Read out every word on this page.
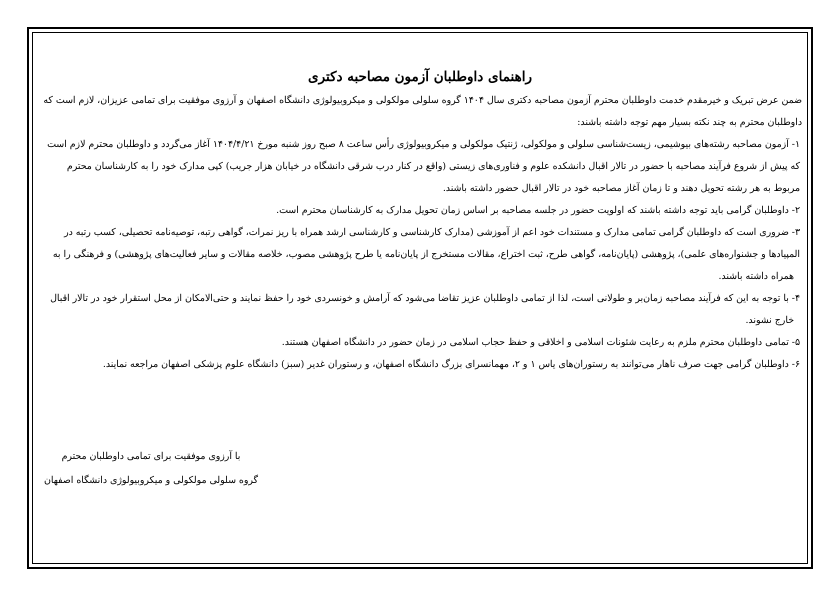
راهنمای داوطلبان آزمون مصاحبه دکتری
ضمن عرض تبریک و خیرمقدم خدمت داوطلبان محترم آزمون مصاحبه دکتری سال ۱۴۰۴ گروه سلولی مولکولی و میکروبیولوژی دانشگاه اصفهان و آرزوی موفقیت برای تمامی عزیزان، لازم است که
داوطلبان محترم به چند نکته بسیار مهم توجه داشته باشند:
۱- آزمون مصاحبه رشته‌های بیوشیمی، زیست‌شناسی سلولی و مولکولی، ژنتیک مولکولی و میکروبیولوژی رأس ساعت ۸ صبح روز شنبه مورخ ۱۴۰۴/۴/۲۱ آغاز می‌گردد و داوطلبان محترم لازم است
که پیش از شروع فرآیند مصاحبه با حضور در تالار اقبال دانشکده علوم و فناوری‌های زیستی (واقع در کنار درب شرقی دانشگاه در خیابان هزار جریب) کپی مدارک خود را به کارشناسان محترم
مربوط به هر رشته تحویل دهند و تا زمان آغاز مصاحبه خود در تالار اقبال حضور داشته باشند.
۲- داوطلبان گرامی باید توجه داشته باشند که اولویت حضور در جلسه مصاحبه بر اساس زمان تحویل مدارک به کارشناسان محترم است.
۳- ضروری است که داوطلبان گرامی تمامی مدارک و مستندات خود اعم از آموزشی (مدارک کارشناسی و کارشناسی ارشد همراه با ریز نمرات، گواهی رتبه، توصیه‌نامه تحصیلی، کسب رتبه در
المپیادها و جشنواره‌های علمی)، پژوهشی (پایان‌نامه، گواهی طرح، ثبت اختراع، مقالات مستخرج از پایان‌نامه یا طرح پژوهشی مصوب، خلاصه مقالات و سایر فعالیت‌های پژوهشی) و فرهنگی را به
همراه داشته باشند.
۴- با توجه به این که فرآیند مصاحبه زمان‌بر و طولانی است، لذا از تمامی داوطلبان عزیز تقاضا می‌شود که آرامش و خونسردی خود را حفظ نمایند و حتی‌الامکان از محل استقرار خود در تالار اقبال
خارج نشوند.
۵- تمامی داوطلبان محترم ملزم به رعایت شئونات اسلامی و اخلاقی و حفظ حجاب اسلامی در زمان حضور در دانشگاه اصفهان هستند.
۶- داوطلبان گرامی جهت صرف ناهار می‌توانند به رستوران‌های یاس ۱ و ۲، مهمانسرای بزرگ دانشگاه اصفهان، و رستوران غدیر (سبز) دانشگاه علوم پزشکی اصفهان مراجعه نمایند.
با آرزوی موفقیت برای تمامی داوطلبان محترم
گروه سلولی مولکولی و میکروبیولوژی دانشگاه اصفهان
